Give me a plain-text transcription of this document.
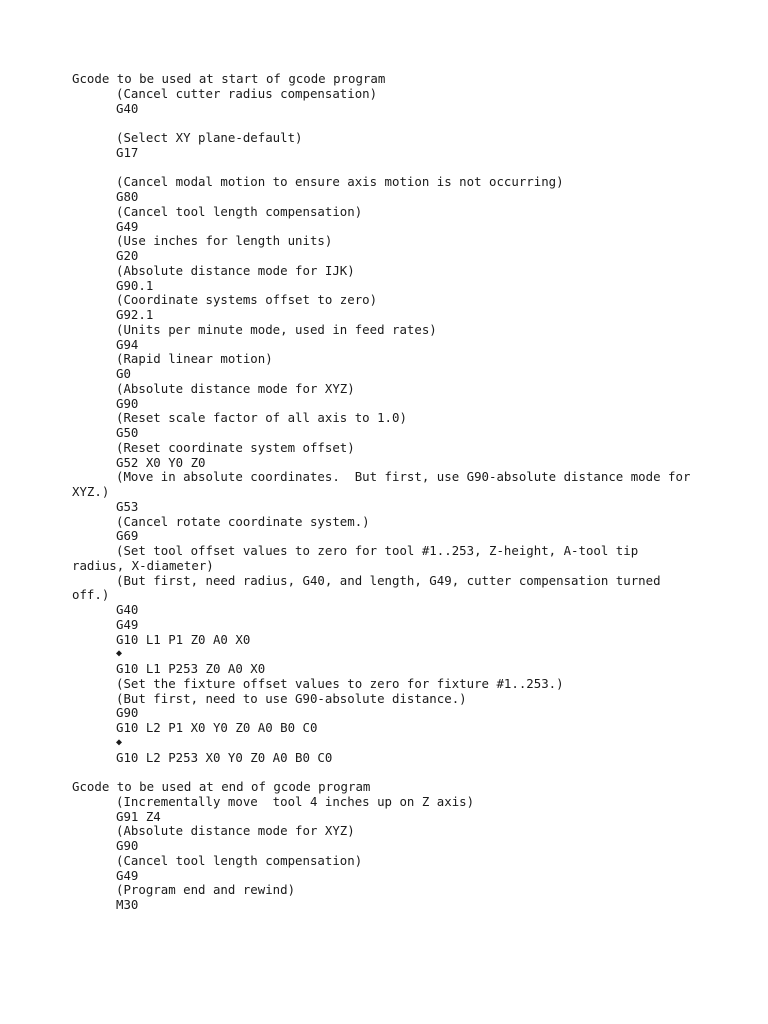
Gcode to be used at start of gcode program
(Cancel cutter radius compensation)
G40
(Select XY plane-default)
G17
(Cancel modal motion to ensure axis motion is not occurring)
G80
(Cancel tool length compensation)
G49
(Use inches for length units)
G20
(Absolute distance mode for IJK)
G90.1
(Coordinate systems offset to zero)
G92.1
(Units per minute mode, used in feed rates)
G94
(Rapid linear motion)
G0
(Absolute distance mode for XYZ)
G90
(Reset scale factor of all axis to 1.0)
G50
(Reset coordinate system offset)
G52 X0 Y0 Z0
(Move in absolute coordinates.  But first, use G90-absolute distance mode for
XYZ.)
G53
(Cancel rotate coordinate system.)
G69
(Set tool offset values to zero for tool #1..253, Z-height, A-tool tip
radius, X-diameter)
(But first, need radius, G40, and length, G49, cutter compensation turned
off.)
G40
G49
G10 L1 P1 Z0 A0 X0
◆
G10 L1 P253 Z0 A0 X0
(Set the fixture offset values to zero for fixture #1..253.)
(But first, need to use G90-absolute distance.)
G90
G10 L2 P1 X0 Y0 Z0 A0 B0 C0
◆
G10 L2 P253 X0 Y0 Z0 A0 B0 C0
Gcode to be used at end of gcode program
(Incrementally move  tool 4 inches up on Z axis)
G91 Z4
(Absolute distance mode for XYZ)
G90
(Cancel tool length compensation)
G49
(Program end and rewind)
M30
